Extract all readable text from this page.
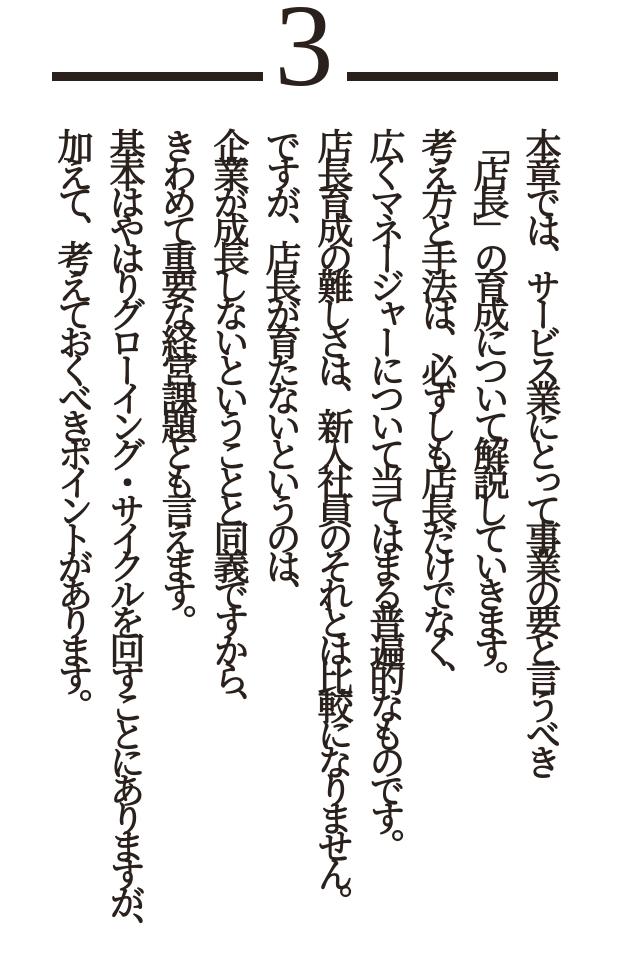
3

本章では、サービス業にとって事業の要と言うべき

「店長」の育成について解説していきます。

考え方と手法は、必ずしも店長だけでなく、

広くマネージャーについて当てはまる普遍的なものです。

店長育成の難しさは、新入社員のそれとは比較になりません。

ですが、店長が育たないというのは、

企業が成長しないということと同義ですから、

きわめて重要な経営課題とも言えます。

基本はやはりグローイング・サイクルを回すことにありますが、

加えて、考えておくべきポイントがあります。
